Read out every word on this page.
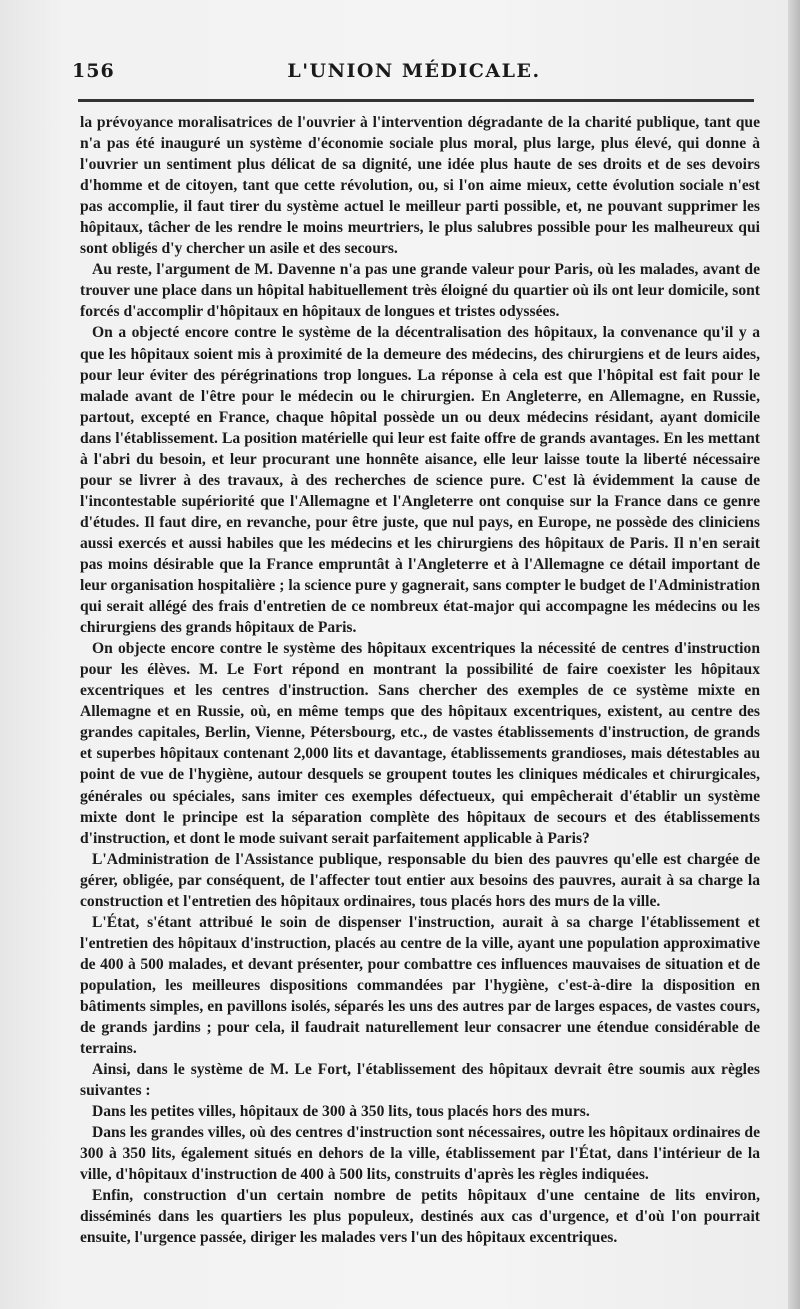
156	L'UNION MÉDICALE.

la prévoyance moralisatrices de l'ouvrier à l'intervention dégradante de la charité publique, tant que n'a pas été inauguré un système d'économie sociale plus moral, plus large, plus élevé, qui donne à l'ouvrier un sentiment plus délicat de sa dignité, une idée plus haute de ses droits et de ses devoirs d'homme et de citoyen, tant que cette révolution, ou, si l'on aime mieux, cette évolution sociale n'est pas accomplie, il faut tirer du système actuel le meilleur parti possible, et, ne pouvant supprimer les hôpitaux, tâcher de les rendre le moins meurtriers, le plus salubres possible pour les malheureux qui sont obligés d'y chercher un asile et des secours.

Au reste, l'argument de M. Davenne n'a pas une grande valeur pour Paris, où les malades, avant de trouver une place dans un hôpital habituellement très éloigné du quartier où ils ont leur domicile, sont forcés d'accomplir d'hôpitaux en hôpitaux de longues et tristes odyssées.

On a objecté encore contre le système de la décentralisation des hôpitaux, la convenance qu'il y a que les hôpitaux soient mis à proximité de la demeure des médecins, des chirurgiens et de leurs aides, pour leur éviter des pérégrinations trop longues. La réponse à cela est que l'hôpital est fait pour le malade avant de l'être pour le médecin ou le chirurgien. En Angleterre, en Allemagne, en Russie, partout, excepté en France, chaque hôpital possède un ou deux médecins résidant, ayant domicile dans l'établissement. La position matérielle qui leur est faite offre de grands avantages. En les mettant à l'abri du besoin, et leur procurant une honnête aisance, elle leur laisse toute la liberté nécessaire pour se livrer à des travaux, à des recherches de science pure. C'est là évidemment la cause de l'incontestable supériorité que l'Allemagne et l'Angleterre ont conquise sur la France dans ce genre d'études. Il faut dire, en revanche, pour être juste, que nul pays, en Europe, ne possède des cliniciens aussi exercés et aussi habiles que les médecins et les chirurgiens des hôpitaux de Paris. Il n'en serait pas moins désirable que la France empruntât à l'Angleterre et à l'Allemagne ce détail important de leur organisation hospitalière ; la science pure y gagnerait, sans compter le budget de l'Administration qui serait allégé des frais d'entretien de ce nombreux état-major qui accompagne les médecins ou les chirurgiens des grands hôpitaux de Paris.

On objecte encore contre le système des hôpitaux excentriques la nécessité de centres d'instruction pour les élèves. M. Le Fort répond en montrant la possibilité de faire coexister les hôpitaux excentriques et les centres d'instruction. Sans chercher des exemples de ce système mixte en Allemagne et en Russie, où, en même temps que des hôpitaux excentriques, existent, au centre des grandes capitales, Berlin, Vienne, Pétersbourg, etc., de vastes établissements d'instruction, de grands et superbes hôpitaux contenant 2,000 lits et davantage, établissements grandioses, mais détestables au point de vue de l'hygiène, autour desquels se groupent toutes les cliniques médicales et chirurgicales, générales ou spéciales, sans imiter ces exemples défectueux, qui empêcherait d'établir un système mixte dont le principe est la séparation complète des hôpitaux de secours et des établissements d'instruction, et dont le mode suivant serait parfaitement applicable à Paris?

L'Administration de l'Assistance publique, responsable du bien des pauvres qu'elle est chargée de gérer, obligée, par conséquent, de l'affecter tout entier aux besoins des pauvres, aurait à sa charge la construction et l'entretien des hôpitaux ordinaires, tous placés hors des murs de la ville.

L'État, s'étant attribué le soin de dispenser l'instruction, aurait à sa charge l'établissement et l'entretien des hôpitaux d'instruction, placés au centre de la ville, ayant une population approximative de 400 à 500 malades, et devant présenter, pour combattre ces influences mauvaises de situation et de population, les meilleures dispositions commandées par l'hygiène, c'est-à-dire la disposition en bâtiments simples, en pavillons isolés, séparés les uns des autres par de larges espaces, de vastes cours, de grands jardins ; pour cela, il faudrait naturellement leur consacrer une étendue considérable de terrains.

Ainsi, dans le système de M. Le Fort, l'établissement des hôpitaux devrait être soumis aux règles suivantes :

Dans les petites villes, hôpitaux de 300 à 350 lits, tous placés hors des murs.

Dans les grandes villes, où des centres d'instruction sont nécessaires, outre les hôpitaux ordinaires de 300 à 350 lits, également situés en dehors de la ville, établissement par l'État, dans l'intérieur de la ville, d'hôpitaux d'instruction de 400 à 500 lits, construits d'après les règles indiquées.

Enfin, construction d'un certain nombre de petits hôpitaux d'une centaine de lits environ, disséminés dans les quartiers les plus populeux, destinés aux cas d'urgence, et d'où l'on pourrait ensuite, l'urgence passée, diriger les malades vers l'un des hôpitaux excentriques.
